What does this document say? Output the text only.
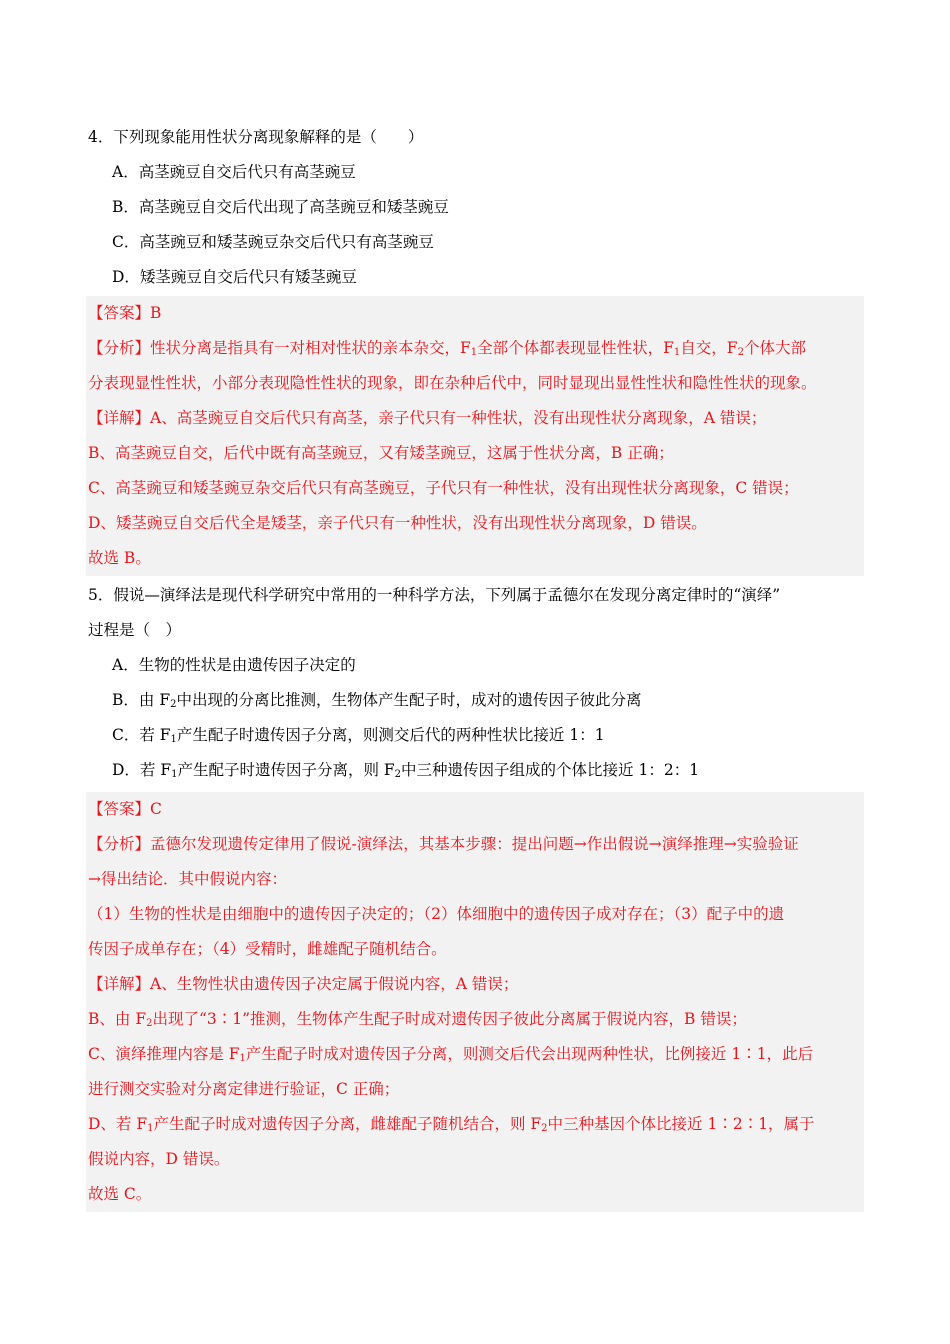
4．下列现象能用性状分离现象解释的是（　　）
A．高茎豌豆自交后代只有高茎豌豆
B．高茎豌豆自交后代出现了高茎豌豆和矮茎豌豆
C．高茎豌豆和矮茎豌豆杂交后代只有高茎豌豆
D．矮茎豌豆自交后代只有矮茎豌豆
【答案】B
【分析】性状分离是指具有一对相对性状的亲本杂交，$F_1$全部个体都表现显性性状，$F_1$自交，$F_2$个体大部
分表现显性性状，小部分表现隐性性状的现象，即在杂种后代中，同时显现出显性性状和隐性性状的现象。
【详解】A、高茎豌豆自交后代只有高茎，亲子代只有一种性状，没有出现性状分离现象，A 错误；
B、高茎豌豆自交，后代中既有高茎豌豆，又有矮茎豌豆，这属于性状分离，B 正确；
C、高茎豌豆和矮茎豌豆杂交后代只有高茎豌豆，子代只有一种性状，没有出现性状分离现象，C 错误；
D、矮茎豌豆自交后代全是矮茎，亲子代只有一种性状，没有出现性状分离现象，D 错误。
故选 B。
5．假说—演绎法是现代科学研究中常用的一种科学方法，下列属于孟德尔在发现分离定律时的“演绎”
过程是（　）
A．生物的性状是由遗传因子决定的
B．由 $F_2$中出现的分离比推测，生物体产生配子时，成对的遗传因子彼此分离
C．若 $F_1$产生配子时遗传因子分离，则测交后代的两种性状比接近 1：1
D．若 $F_1$产生配子时遗传因子分离，则 $F_2$中三种遗传因子组成的个体比接近 1：2：1
【答案】C
【分析】孟德尔发现遗传定律用了假说-演绎法，其基本步骤：提出问题→作出假说→演绎推理→实验验证
→得出结论．其中假说内容：
（1）生物的性状是由细胞中的遗传因子决定的；（2）体细胞中的遗传因子成对存在；（3）配子中的遗
传因子成单存在；（4）受精时，雌雄配子随机结合。
【详解】A、生物性状由遗传因子决定属于假说内容，A 错误；
B、由 $F_2$出现了“3∶1”推测，生物体产生配子时成对遗传因子彼此分离属于假说内容，B 错误；
C、演绎推理内容是 $F_1$产生配子时成对遗传因子分离，则测交后代会出现两种性状，比例接近 1∶1，此后
进行测交实验对分离定律进行验证，C 正确；
D、若 $F_1$产生配子时成对遗传因子分离，雌雄配子随机结合，则 $F_2$中三种基因个体比接近 1∶2∶1，属于
假说内容，D 错误。
故选 C。
